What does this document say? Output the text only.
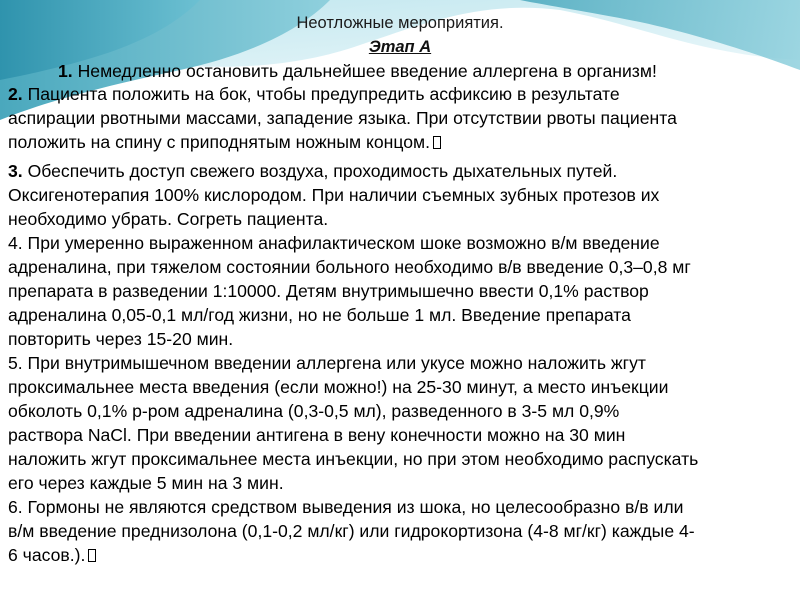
Неотложные мероприятия.
Этап А
1. Немедленно остановить дальнейшее введение аллергена в организм!
2. Пациента положить на бок, чтобы предупредить асфиксию в результате
аспирации рвотными массами, западение языка. При отсутствии рвоты пациента
положить на спину с приподнятым ножным концом.
3. Обеспечить доступ свежего воздуха, проходимость дыхательных путей.
Оксигенотерапия 100% кислородом. При наличии съемных зубных протезов их
необходимо убрать. Согреть пациента.
4. При умеренно выраженном анафилактическом шоке возможно в/м введение
адреналина, при тяжелом состоянии больного необходимо в/в введение 0,3–0,8 мг
препарата в разведении 1:10000. Детям внутримышечно ввести 0,1% раствор
адреналина 0,05-0,1 мл/год жизни, но не больше 1 мл. Введение препарата
повторить через 15-20 мин.
5. При внутримышечном введении аллергена или укусе можно наложить жгут
проксимальнее места введения (если можно!) на 25-30 минут, а место инъекции
обколоть 0,1% р-ром адреналина (0,3-0,5 мл), разведенного в 3-5 мл 0,9%
раствора NaCl. При введении антигена в вену конечности можно на 30 мин
наложить жгут проксимальнее места инъекции, но при этом необходимо распускать
его через каждые 5 мин на 3 мин.
6. Гормоны не являются средством выведения из шока, но целесообразно в/в или
в/м введение преднизолона (0,1-0,2 мл/кг) или гидрокортизона (4-8 мг/кг) каждые 4-
6 часов.).
